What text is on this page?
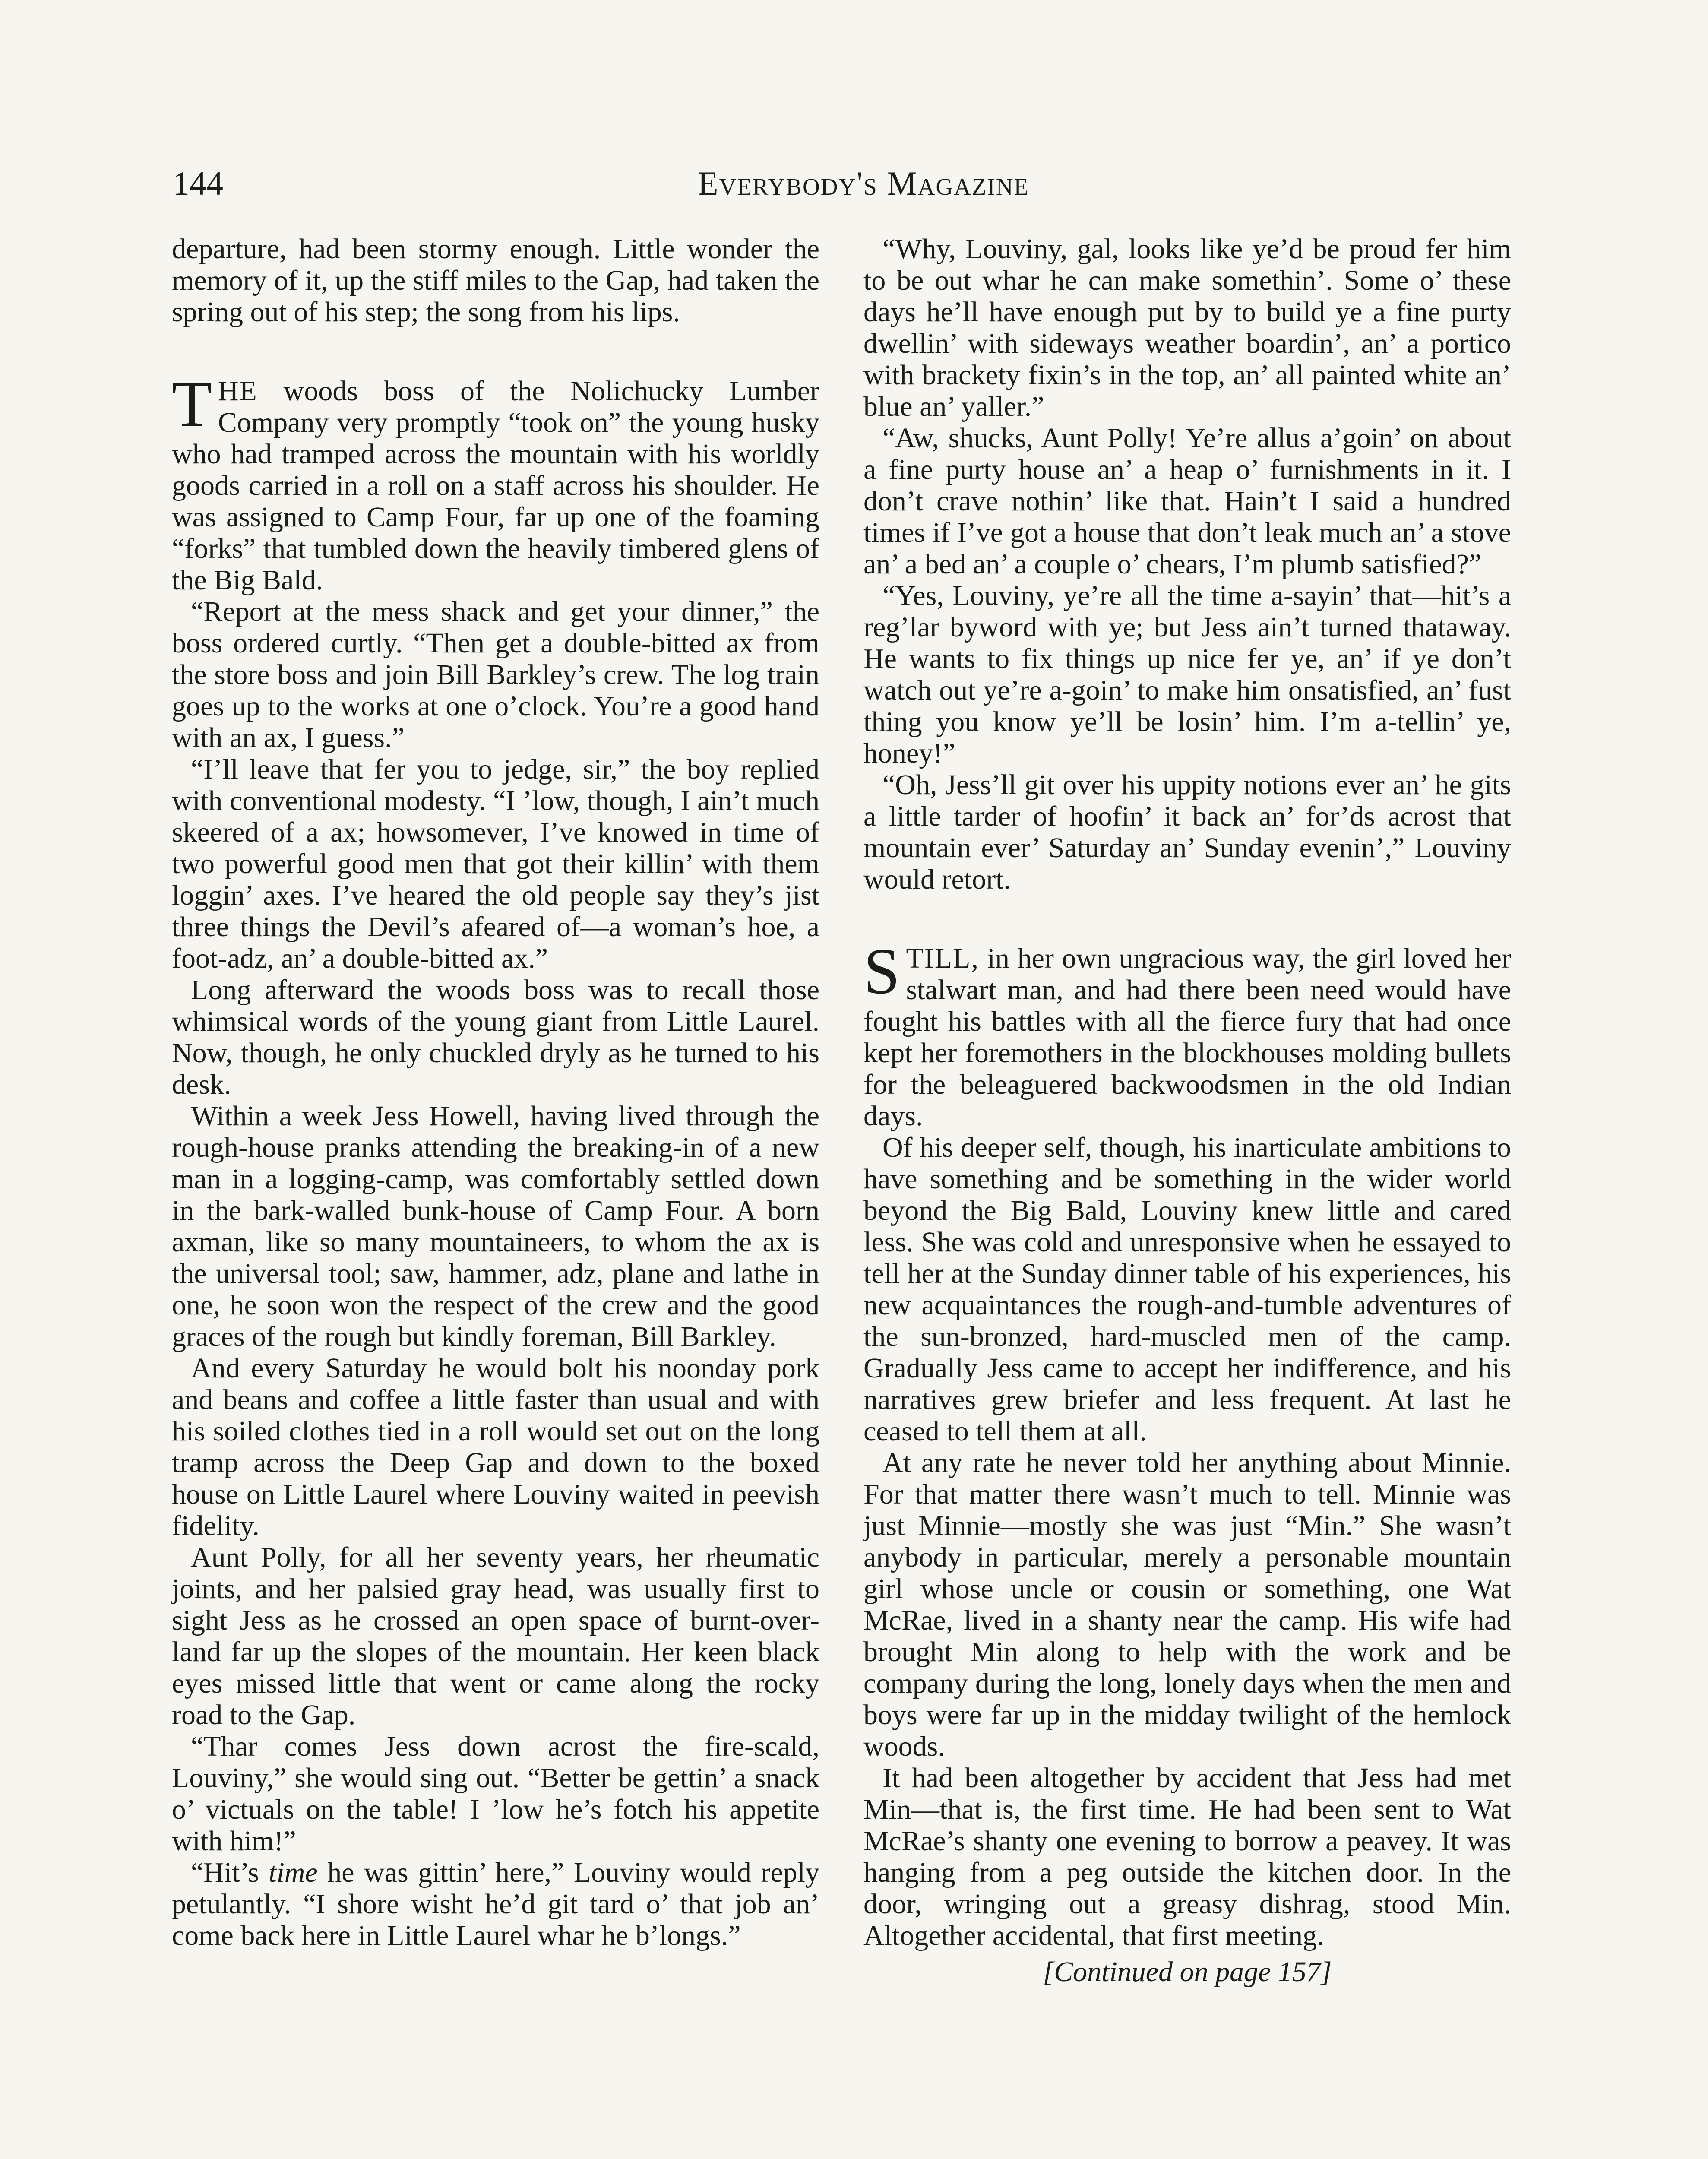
144	Everybody's Magazine

departure, had been stormy enough. Little wonder the memory of it, up the stiff miles to the Gap, had taken the spring out of his step; the song from his lips.

THE woods boss of the Nolichucky Lumber Company very promptly “took on” the young husky who had tramped across the mountain with his worldly goods carried in a roll on a staff across his shoulder. He was assigned to Camp Four, far up one of the foaming “forks” that tumbled down the heavily timbered glens of the Big Bald.

“Report at the mess shack and get your dinner,” the boss ordered curtly. “Then get a double-bitted ax from the store boss and join Bill Barkley’s crew. The log train goes up to the works at one o’clock. You’re a good hand with an ax, I guess.”

“I’ll leave that fer you to jedge, sir,” the boy replied with conventional modesty. “I ’low, though, I ain’t much skeered of a ax; howsomever, I’ve knowed in time of two powerful good men that got their killin’ with them loggin’ axes. I’ve heared the old people say they’s jist three things the Devil’s afeared of—a woman’s hoe, a foot-adz, an’ a double-bitted ax.”

Long afterward the woods boss was to recall those whimsical words of the young giant from Little Laurel. Now, though, he only chuckled dryly as he turned to his desk.

Within a week Jess Howell, having lived through the rough-house pranks attending the breaking-in of a new man in a logging-camp, was comfortably settled down in the bark-walled bunk-house of Camp Four. A born axman, like so many mountaineers, to whom the ax is the universal tool; saw, hammer, adz, plane and lathe in one, he soon won the respect of the crew and the good graces of the rough but kindly foreman, Bill Barkley.

And every Saturday he would bolt his noonday pork and beans and coffee a little faster than usual and with his soiled clothes tied in a roll would set out on the long tramp across the Deep Gap and down to the boxed house on Little Laurel where Louviny waited in peevish fidelity.

Aunt Polly, for all her seventy years, her rheumatic joints, and her palsied gray head, was usually first to sight Jess as he crossed an open space of burnt-over-land far up the slopes of the mountain. Her keen black eyes missed little that went or came along the rocky road to the Gap.

“Thar comes Jess down acrost the fire-scald, Louviny,” she would sing out. “Better be gettin’ a snack o’ victuals on the table! I ’low he’s fotch his appetite with him!”

“Hit’s time he was gittin’ here,” Louviny would reply petulantly. “I shore wisht he’d git tard o’ that job an’ come back here in Little Laurel whar he b’longs.”

“Why, Louviny, gal, looks like ye’d be proud fer him to be out whar he can make somethin’. Some o’ these days he’ll have enough put by to build ye a fine purty dwellin’ with sideways weather boardin’, an’ a portico with brackety fixin’s in the top, an’ all painted white an’ blue an’ yaller.”

“Aw, shucks, Aunt Polly! Ye’re allus a’goin’ on about a fine purty house an’ a heap o’ furnishments in it. I don’t crave nothin’ like that. Hain’t I said a hundred times if I’ve got a house that don’t leak much an’ a stove an’ a bed an’ a couple o’ chears, I’m plumb satisfied?”

“Yes, Louviny, ye’re all the time a-sayin’ that—hit’s a reg’lar byword with ye; but Jess ain’t turned thataway. He wants to fix things up nice fer ye, an’ if ye don’t watch out ye’re a-goin’ to make him onsatisfied, an’ fust thing you know ye’ll be losin’ him. I’m a-tellin’ ye, honey!”

“Oh, Jess’ll git over his uppity notions ever an’ he gits a little tarder of hoofin’ it back an’ for’ds acrost that mountain ever’ Saturday an’ Sunday evenin’,” Louviny would retort.

STILL, in her own ungracious way, the girl loved her stalwart man, and had there been need would have fought his battles with all the fierce fury that had once kept her foremothers in the blockhouses molding bullets for the beleaguered backwoodsmen in the old Indian days.

Of his deeper self, though, his inarticulate ambitions to have something and be something in the wider world beyond the Big Bald, Louviny knew little and cared less. She was cold and unresponsive when he essayed to tell her at the Sunday dinner table of his experiences, his new acquaintances the rough-and-tumble adventures of the sun-bronzed, hard-muscled men of the camp. Gradually Jess came to accept her indifference, and his narratives grew briefer and less frequent. At last he ceased to tell them at all.

At any rate he never told her anything about Minnie. For that matter there wasn’t much to tell. Minnie was just Minnie—mostly she was just “Min.” She wasn’t anybody in particular, merely a personable mountain girl whose uncle or cousin or something, one Wat McRae, lived in a shanty near the camp. His wife had brought Min along to help with the work and be company during the long, lonely days when the men and boys were far up in the midday twilight of the hemlock woods.

It had been altogether by accident that Jess had met Min—that is, the first time. He had been sent to Wat McRae’s shanty one evening to borrow a peavey. It was hanging from a peg outside the kitchen door. In the door, wringing out a greasy dishrag, stood Min. Altogether accidental, that first meeting.

[Continued on page 157]
